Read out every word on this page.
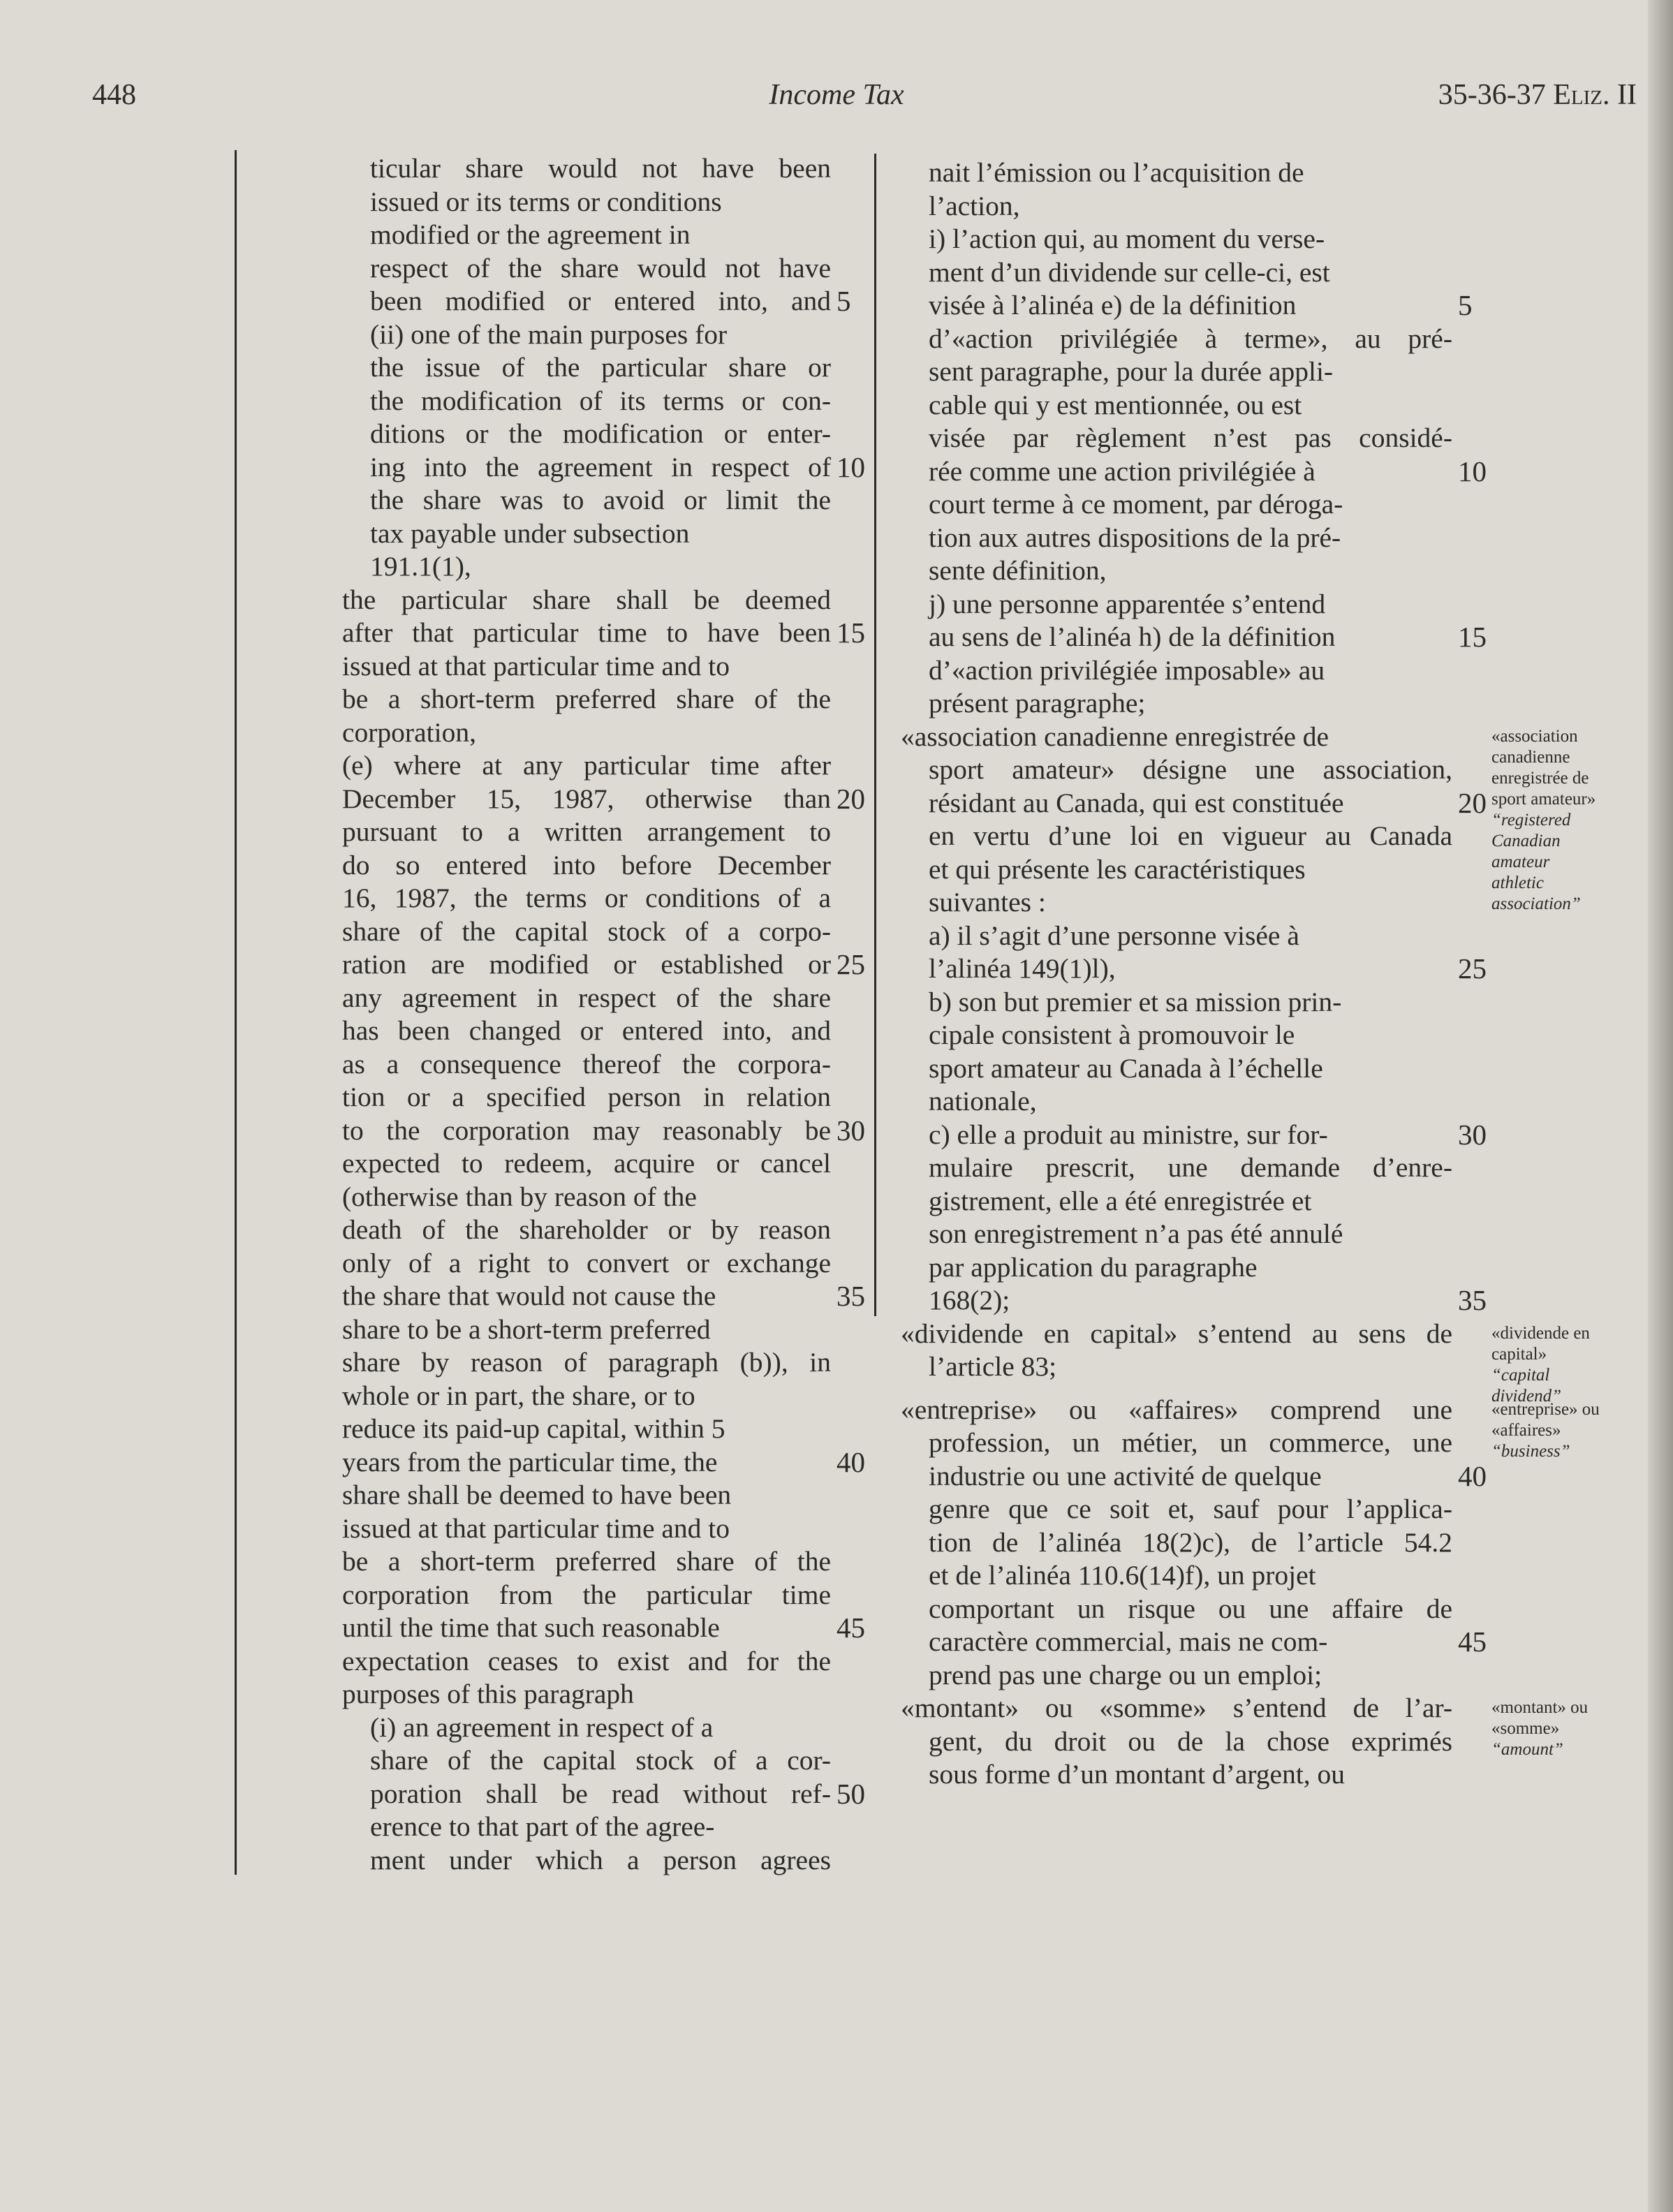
448	Income Tax	35-36-37 Eliz. II
ticular share would not have been
issued or its terms or conditions
modified or the agreement in
respect of the share would not have
been modified or entered into, and 5
(ii) one of the main purposes for
the issue of the particular share or
the modification of its terms or con-
ditions or the modification or enter-
ing into the agreement in respect of 10
the share was to avoid or limit the
tax payable under subsection
191.1(1),
the particular share shall be deemed
after that particular time to have been 15
issued at that particular time and to
be a short-term preferred share of the
corporation,
(e) where at any particular time after
December 15, 1987, otherwise than 20
pursuant to a written arrangement to
do so entered into before December
16, 1987, the terms or conditions of a
share of the capital stock of a corpo-
ration are modified or established or 25
any agreement in respect of the share
has been changed or entered into, and
as a consequence thereof the corpora-
tion or a specified person in relation
to the corporation may reasonably be 30
expected to redeem, acquire or cancel
(otherwise than by reason of the
death of the shareholder or by reason
only of a right to convert or exchange
the share that would not cause the	35
share to be a short-term preferred
share by reason of paragraph (b)), in
whole or in part, the share, or to
reduce its paid-up capital, within 5
years from the particular time, the	40
share shall be deemed to have been
issued at that particular time and to
be a short-term preferred share of the
corporation from the particular time
until the time that such reasonable	45
expectation ceases to exist and for the
purposes of this paragraph
(i) an agreement in respect of a
share of the capital stock of a cor-
poration shall be read without ref- 50
erence to that part of the agree-
ment under which a person agrees
nait l’émission ou l’acquisition de
l’action,
i) l’action qui, au moment du verse-
ment d’un dividende sur celle-ci, est
visée à l’alinéa e) de la définition	5
d’«action privilégiée à terme», au pré-
sent paragraphe, pour la durée appli-
cable qui y est mentionnée, ou est
visée par règlement n’est pas considé-
rée comme une action privilégiée à	10
court terme à ce moment, par déroga-
tion aux autres dispositions de la pré-
sente définition,
j) une personne apparentée s’entend
au sens de l’alinéa h) de la définition	15
d’«action privilégiée imposable» au
présent paragraphe;
«association canadienne enregistrée de
sport amateur» désigne une association,
résidant au Canada, qui est constituée	20
en vertu d’une loi en vigueur au Canada
et qui présente les caractéristiques
suivantes :
a) il s’agit d’une personne visée à
l’alinéa 149(1)l),	25
b) son but premier et sa mission prin-
cipale consistent à promouvoir le
sport amateur au Canada à l’échelle
nationale,
c) elle a produit au ministre, sur for-	30
mulaire prescrit, une demande d’enre-
gistrement, elle a été enregistrée et
son enregistrement n’a pas été annulé
par application du paragraphe
168(2);	35
«dividende en capital» s’entend au sens de
l’article 83;
«entreprise» ou «affaires» comprend une
profession, un métier, un commerce, une
industrie ou une activité de quelque	40
genre que ce soit et, sauf pour l’applica-
tion de l’alinéa 18(2)c), de l’article 54.2
et de l’alinéa 110.6(14)f), un projet
comportant un risque ou une affaire de
caractère commercial, mais ne com-	45
prend pas une charge ou un emploi;
«montant» ou «somme» s’entend de l’ar-
gent, du droit ou de la chose exprimés
sous forme d’un montant d’argent, ou
«association
canadienne
enregistrée de
sport amateur»
“registered
Canadian
amateur
athletic
association”
«dividende en
capital»
“capital
dividend”
«entreprise» ou
«affaires»
“business”
«montant» ou
«somme»
“amount”
